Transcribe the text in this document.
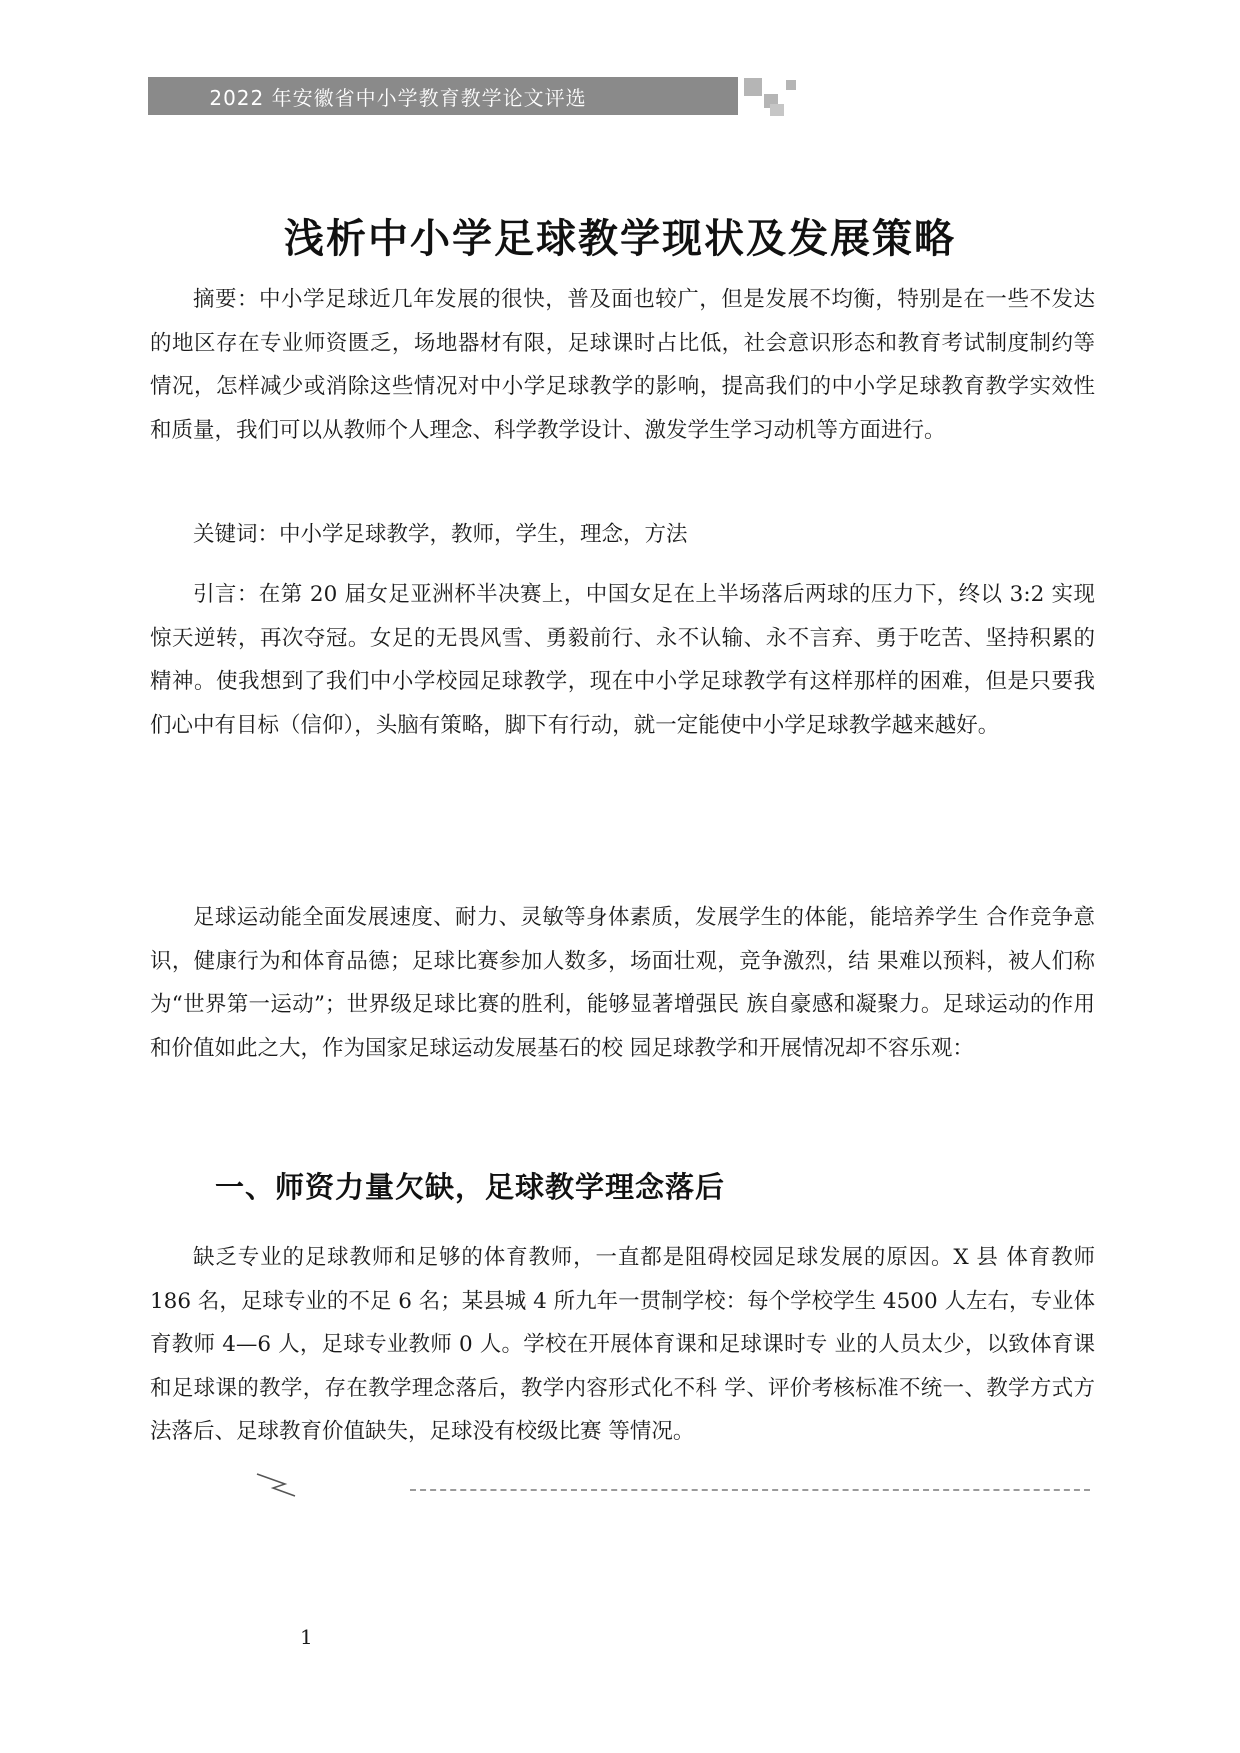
2022 年安徽省中小学教育教学论文评选
浅析中小学足球教学现状及发展策略

摘要：中小学足球近几年发展的很快，普及面也较广，但是发展不均衡，特别是在一些不发达的地区存在专业师资匮乏，场地器材有限，足球课时占比低，社会意识形态和教育考试制度制约等情况，怎样减少或消除这些情况对中小学足球教学的影响，提高我们的中小学足球教育教学实效性和质量，我们可以从教师个人理念、科学教学设计、激发学生学习动机等方面进行。

关键词：中小学足球教学，教师，学生，理念，方法

引言：在第 20 届女足亚洲杯半决赛上，中国女足在上半场落后两球的压力下，终以 3:2 实现惊天逆转，再次夺冠。女足的无畏风雪、勇毅前行、永不认输、永不言弃、勇于吃苦、坚持积累的精神。使我想到了我们中小学校园足球教学，现在中小学足球教学有这样那样的困难，但是只要我们心中有目标（信仰），头脑有策略，脚下有行动，就一定能使中小学足球教学越来越好。

足球运动能全面发展速度、耐力、灵敏等身体素质，发展学生的体能，能培养学生 合作竞争意识，健康行为和体育品德；足球比赛参加人数多，场面壮观，竞争激烈，结 果难以预料，被人们称为“世界第一运动”；世界级足球比赛的胜利，能够显著增强民 族自豪感和凝聚力。足球运动的作用和价值如此之大，作为国家足球运动发展基石的校 园足球教学和开展情况却不容乐观：

一、师资力量欠缺，足球教学理念落后

缺乏专业的足球教师和足够的体育教师，一直都是阻碍校园足球发展的原因。X 县 体育教师 186 名，足球专业的不足 6 名；某县城 4 所九年一贯制学校：每个学校学生 4500 人左右，专业体育教师 4—6 人，足球专业教师 0 人。学校在开展体育课和足球课时专 业的人员太少，以致体育课和足球课的教学，存在教学理念落后，教学内容形式化不科 学、评价考核标准不统一、教学方式方法落后、足球教育价值缺失，足球没有校级比赛 等情况。

1
